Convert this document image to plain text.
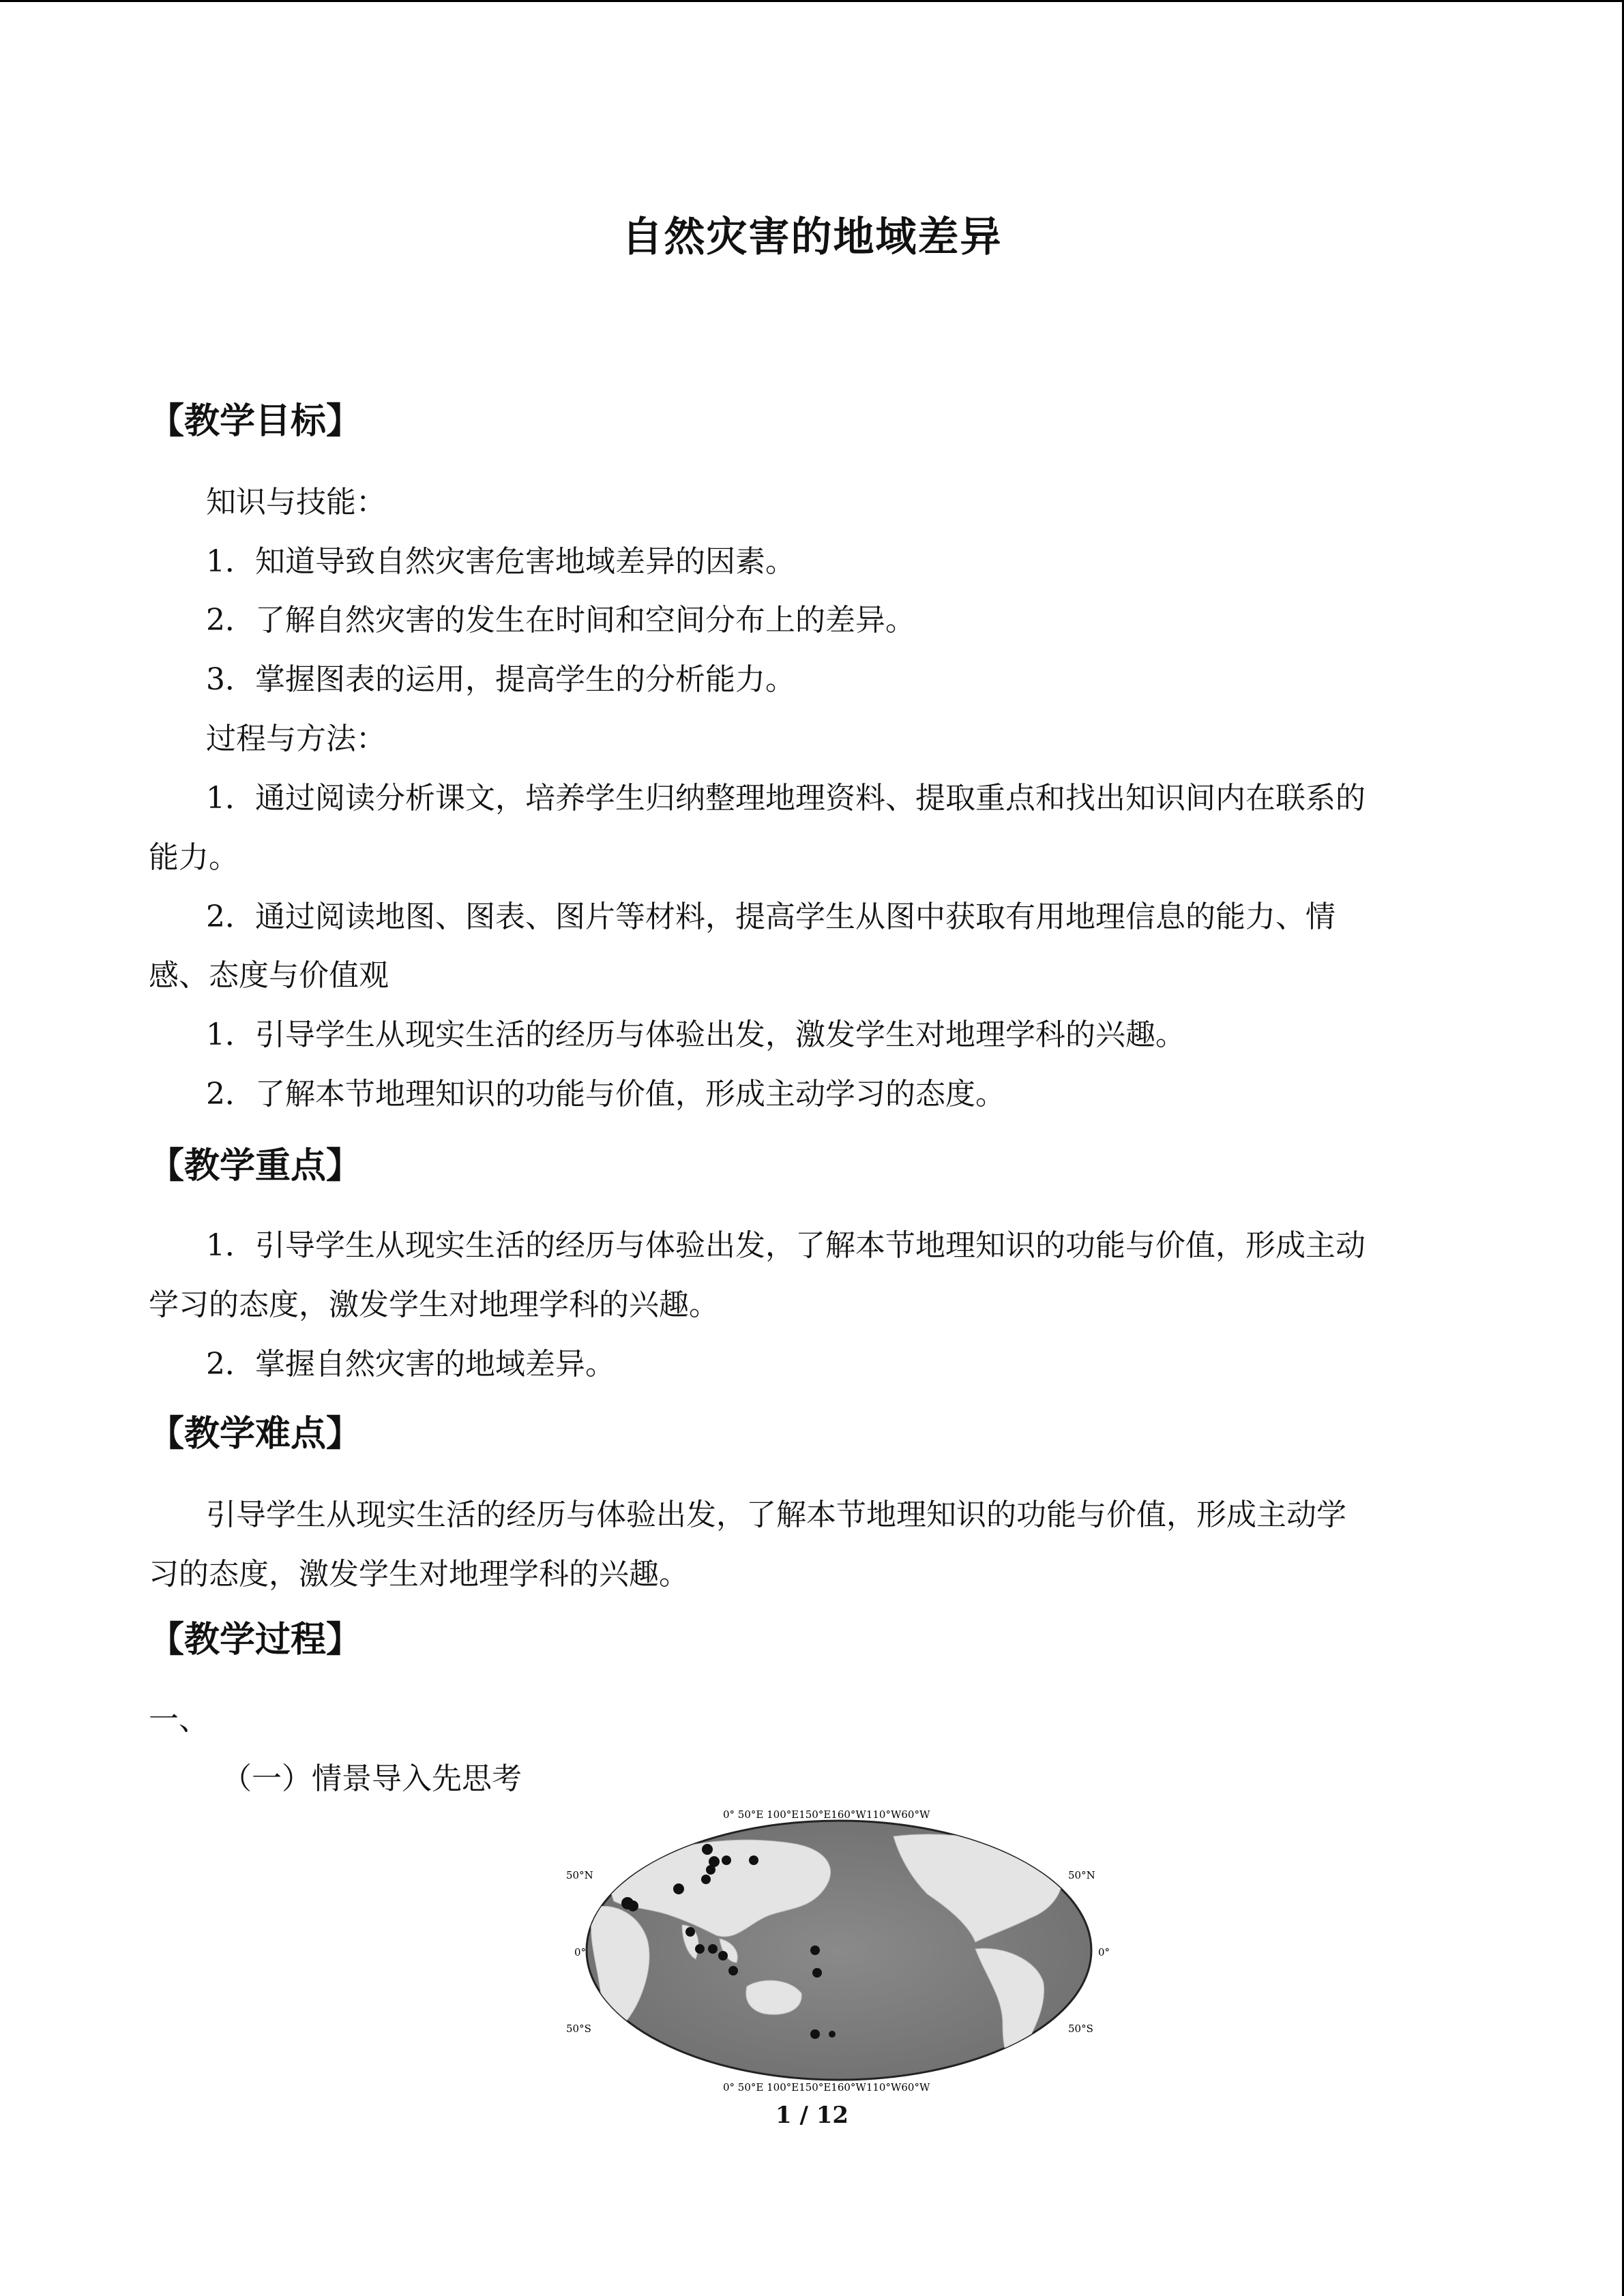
自然灾害的地域差异
【教学目标】
知识与技能：
1．知道导致自然灾害危害地域差异的因素。
2．了解自然灾害的发生在时间和空间分布上的差异。
3．掌握图表的运用，提高学生的分析能力。
过程与方法：
1．通过阅读分析课文，培养学生归纳整理地理资料、提取重点和找出知识间内在联系的
能力。
2．通过阅读地图、图表、图片等材料，提高学生从图中获取有用地理信息的能力、情
感、态度与价值观
1．引导学生从现实生活的经历与体验出发，激发学生对地理学科的兴趣。
2．了解本节地理知识的功能与价值，形成主动学习的态度。
【教学重点】
1．引导学生从现实生活的经历与体验出发，了解本节地理知识的功能与价值，形成主动
学习的态度，激发学生对地理学科的兴趣。
2．掌握自然灾害的地域差异。
【教学难点】
引导学生从现实生活的经历与体验出发，了解本节地理知识的功能与价值，形成主动学
习的态度，激发学生对地理学科的兴趣。
【教学过程】
一、
（一）情景导入先思考
0° 50°E 100°E150°E160°W110°W60°W
50°N
0°
50°S
50°N
0°
50°S
0° 50°E 100°E150°E160°W110°W60°W
1 / 12
